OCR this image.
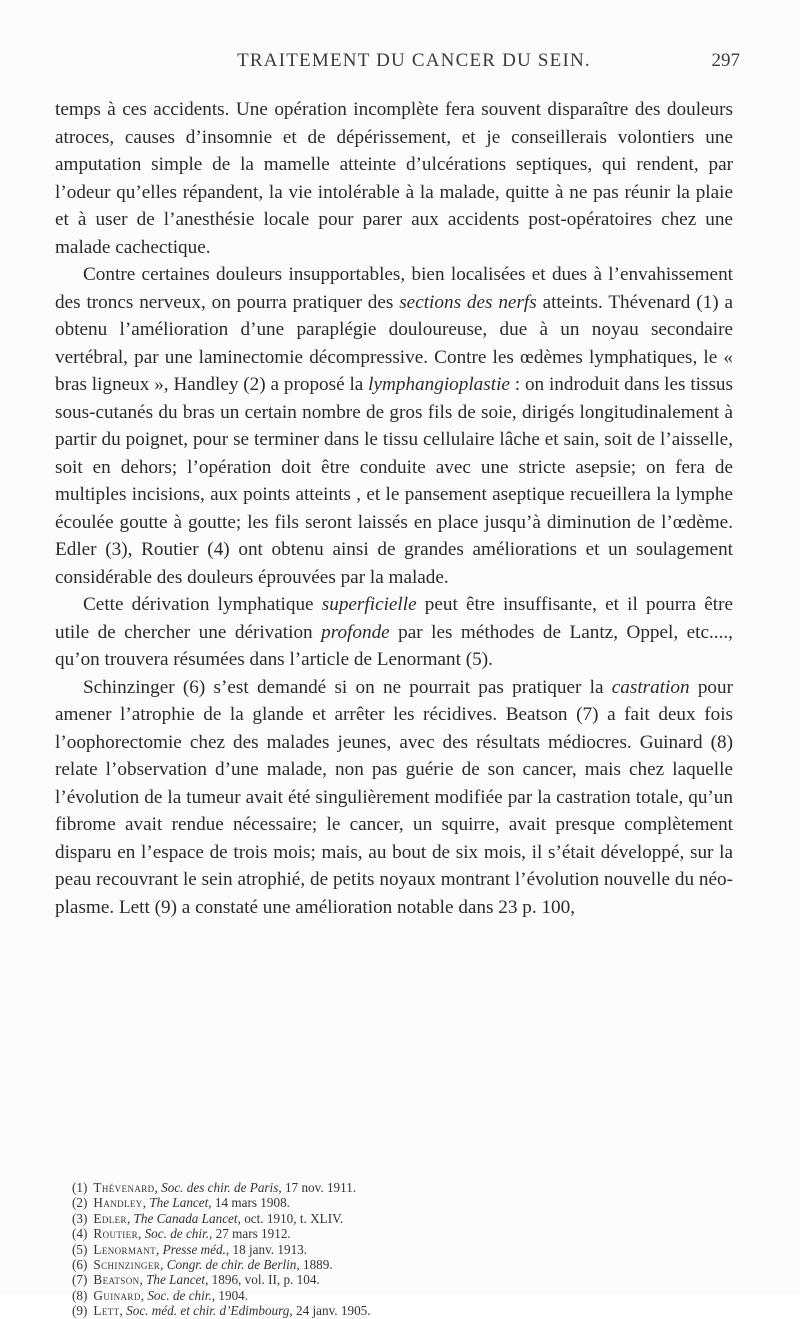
TRAITEMENT DU CANCER DU SEIN.	297

temps à ces accidents. Une opération incomplète fera souvent disparaître des douleurs atroces, causes d’insomnie et de dépérissement, et je conseillerais volontiers une amputation simple de la mamelle atteinte d’ulcérations septiques, qui rendent, par l’odeur qu’elles répandent, la vie intolérable à la malade, quitte à ne pas réunir la plaie et à user de l’anesthésie locale pour parer aux accidents post-opératoires chez une malade cachectique.

Contre certaines douleurs insupportables, bien localisées et dues à l’envahissement des troncs nerveux, on pourra pratiquer des sections des nerfs atteints. Thévenard (1) a obtenu l’amélioration d’une paraplégie douloureuse, due à un noyau secondaire vertébral, par une laminectomie décompressive. Contre les œdèmes lymphatiques, le « bras ligneux », Handley (2) a proposé la lymphangioplastie : on indroduit dans les tissus sous-cutanés du bras un certain nombre de gros fils de soie, dirigés longitudinalement à partir du poignet, pour se terminer dans le tissu cellulaire lâche et sain, soit de l’aisselle, soit en dehors; l’opération doit être conduite avec une stricte asepsie; on fera de multiples incisions, aux points atteints , et le pansement aseptique recueillera la lymphe écoulée goutte à goutte; les fils seront laissés en place jusqu’à diminution de l’œdème. Edler (3), Routier (4) ont obtenu ainsi de grandes améliorations et un soulagement considérable des douleurs éprouvées par la malade.

Cette dérivation lymphatique superficielle peut être insuffisante, et il pourra être utile de chercher une dérivation profonde par les méthodes de Lantz, Oppel, etc...., qu’on trouvera résumées dans l’article de Lenormant (5).

Schinzinger (6) s’est demandé si on ne pourrait pas pratiquer la castration pour amener l’atrophie de la glande et arrêter les récidives. Beatson (7) a fait deux fois l’oophorectomie chez des malades jeunes, avec des résultats médiocres. Guinard (8) relate l’observation d’une malade, non pas guérie de son cancer, mais chez laquelle l’évolution de la tumeur avait été singulièrement modifiée par la castration totale, qu’un fibrome avait rendue nécessaire; le cancer, un squirre, avait presque complètement disparu en l’espace de trois mois; mais, au bout de six mois, il s’était développé, sur la peau recouvrant le sein atrophié, de petits noyaux montrant l’évolution nouvelle du néo-plasme. Lett (9) a constaté une amélioration notable dans 23 p. 100,

(1) Thévenard, Soc. des chir. de Paris, 17 nov. 1911.
(2) Handley, The Lancet, 14 mars 1908.
(3) Edler, The Canada Lancet, oct. 1910, t. XLIV.
(4) Routier, Soc. de chir., 27 mars 1912.
(5) Lenormant, Presse méd., 18 janv. 1913.
(6) Schinzinger, Congr. de chir. de Berlin, 1889.
(7) Beatson, The Lancet, 1896, vol. II, p. 104.
(8) Guinard, Soc. de chir., 1904.
(9) Lett, Soc. méd. et chir. d’Edimbourg, 24 janv. 1905.
